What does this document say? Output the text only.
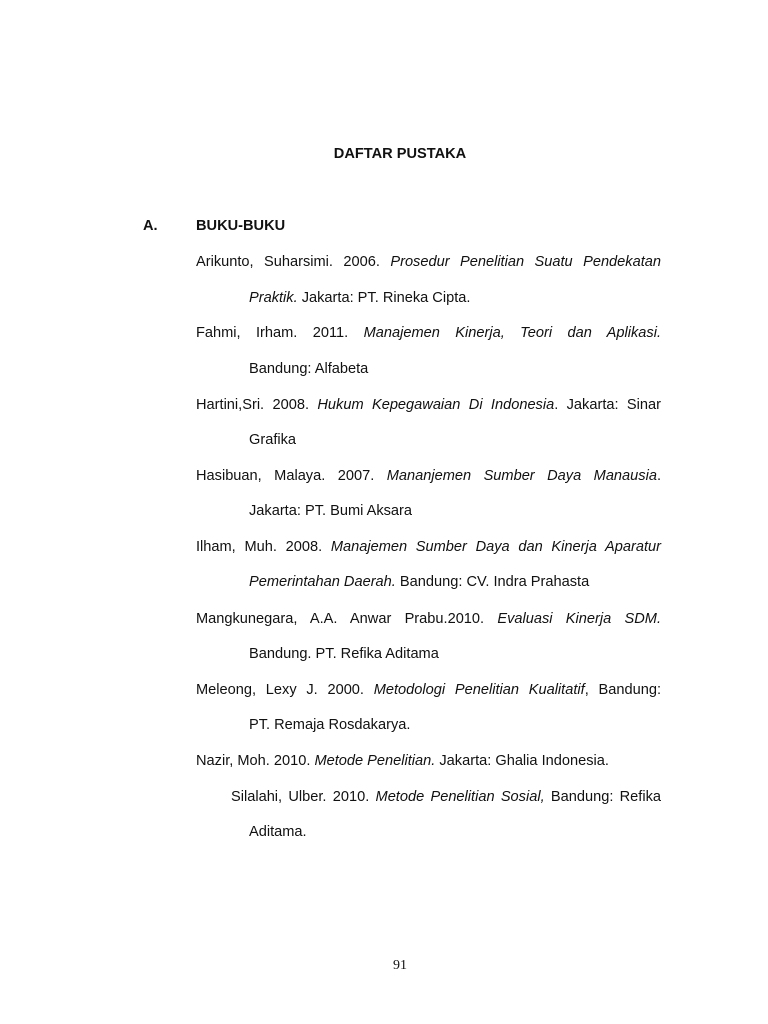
DAFTAR PUSTAKA
A.	BUKU-BUKU
Arikunto, Suharsimi. 2006. Prosedur Penelitian Suatu Pendekatan
Praktik. Jakarta: PT. Rineka Cipta.
Fahmi, Irham. 2011. Manajemen Kinerja, Teori dan Aplikasi.
Bandung: Alfabeta
Hartini,Sri. 2008. Hukum Kepegawaian Di Indonesia. Jakarta: Sinar
Grafika
Hasibuan, Malaya. 2007. Mananjemen Sumber Daya Manausia.
Jakarta: PT. Bumi Aksara
Ilham, Muh. 2008. Manajemen Sumber Daya dan Kinerja Aparatur
Pemerintahan Daerah. Bandung: CV. Indra Prahasta
Mangkunegara, A.A. Anwar Prabu.2010. Evaluasi Kinerja SDM.
Bandung. PT. Refika Aditama
Meleong, Lexy J. 2000. Metodologi Penelitian Kualitatif, Bandung:
PT. Remaja Rosdakarya.
Nazir, Moh. 2010. Metode Penelitian. Jakarta: Ghalia Indonesia.
Silalahi, Ulber. 2010. Metode Penelitian Sosial, Bandung: Refika
Aditama.
91
